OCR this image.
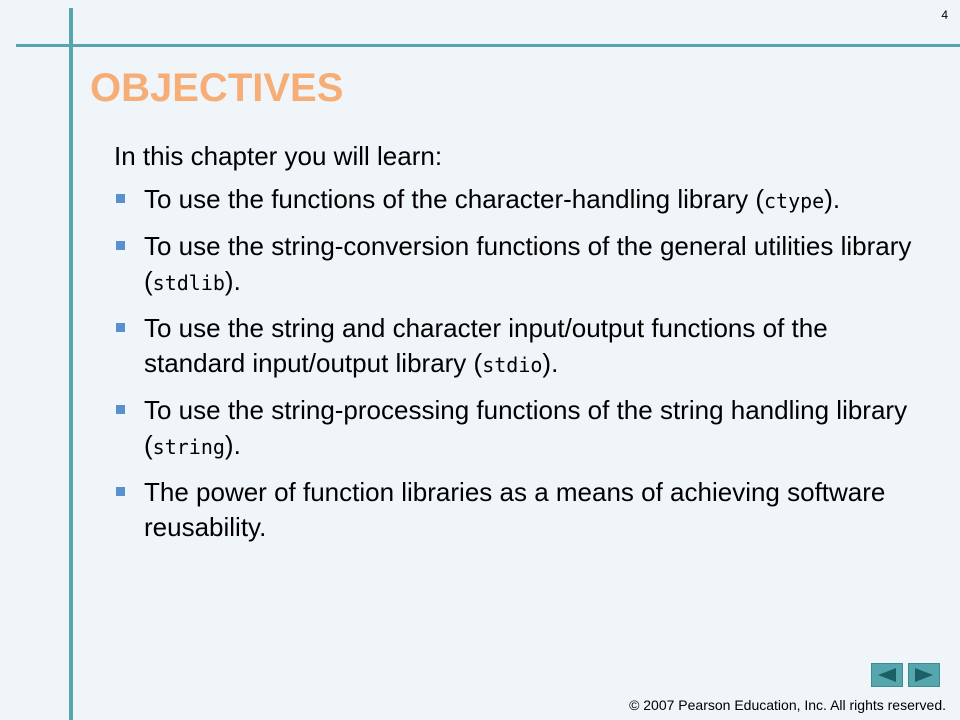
4
OBJECTIVES

In this chapter you will learn:

To use the functions of the character-handling library (ctype).
To use the string-conversion functions of the general utilities library (stdlib).
To use the string and character input/output functions of the standard input/output library (stdio).
To use the string-processing functions of the string handling library (string).
The power of function libraries as a means of achieving software reusability.
© 2007 Pearson Education, Inc. All rights reserved.
